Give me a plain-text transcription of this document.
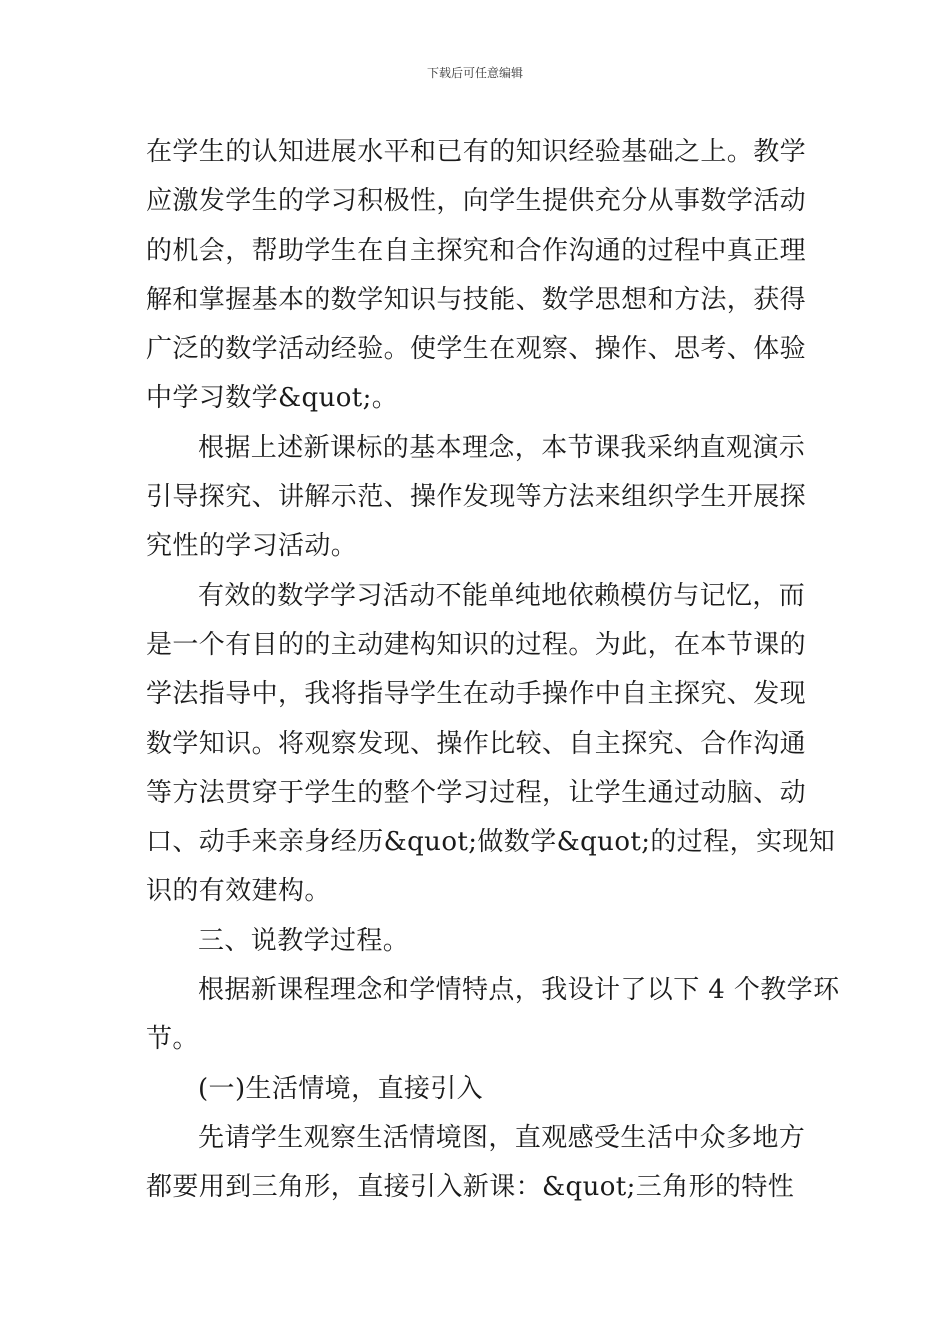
下载后可任意编辑
在学生的认知进展水平和已有的知识经验基础之上。教学
应激发学生的学习积极性，向学生提供充分从事数学活动
的机会，帮助学生在自主探究和合作沟通的过程中真正理
解和掌握基本的数学知识与技能、数学思想和方法，获得
广泛的数学活动经验。使学生在观察、操作、思考、体验
中学习数学&quot;。
根据上述新课标的基本理念，本节课我采纳直观演示
引导探究、讲解示范、操作发现等方法来组织学生开展探
究性的学习活动。
有效的数学学习活动不能单纯地依赖模仿与记忆，而
是一个有目的的主动建构知识的过程。为此，在本节课的
学法指导中，我将指导学生在动手操作中自主探究、发现
数学知识。将观察发现、操作比较、自主探究、合作沟通
等方法贯穿于学生的整个学习过程，让学生通过动脑、动
口、动手来亲身经历&quot;做数学&quot;的过程，实现知
识的有效建构。
三、说教学过程。
根据新课程理念和学情特点，我设计了以下 4 个教学环
节。
(一)生活情境，直接引入
先请学生观察生活情境图，直观感受生活中众多地方
都要用到三角形，直接引入新课：&quot;三角形的特性
